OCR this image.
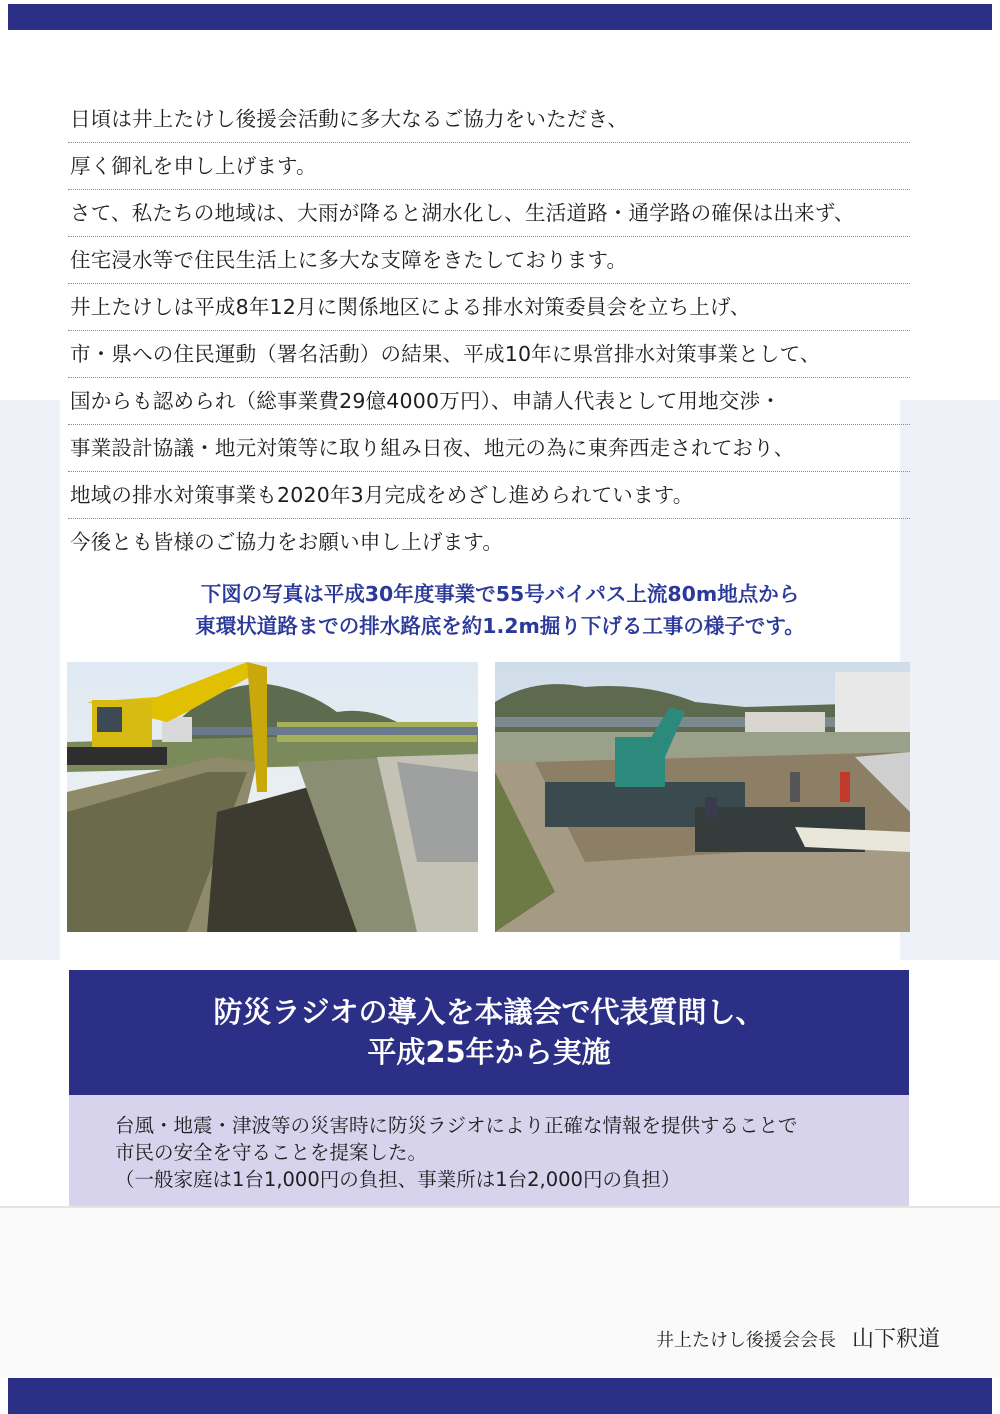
日頃は井上たけし後援会活動に多大なるご協力をいただき、
厚く御礼を申し上げます。
さて、私たちの地域は、大雨が降ると湖水化し、生活道路・通学路の確保は出来ず、
住宅浸水等で住民生活上に多大な支障をきたしております。
井上たけしは平成8年12月に関係地区による排水対策委員会を立ち上げ、
市・県への住民運動（署名活動）の結果、平成10年に県営排水対策事業として、
国からも認められ（総事業費29億4000万円）、申請人代表として用地交渉・
事業設計協議・地元対策等に取り組み日夜、地元の為に東奔西走されており、
地域の排水対策事業も2020年3月完成をめざし進められています。
今後とも皆様のご協力をお願い申し上げます。
下図の写真は平成30年度事業で55号バイパス上流80m地点から
東環状道路までの排水路底を約1.2m掘り下げる工事の様子です。
防災ラジオの導入を本議会で代表質問し、
平成25年から実施
台風・地震・津波等の災害時に防災ラジオにより正確な情報を提供することで
市民の安全を守ることを提案した。
（一般家庭は1台1,000円の負担、事業所は1台2,000円の負担）
井上たけし後援会会長 山下釈道
